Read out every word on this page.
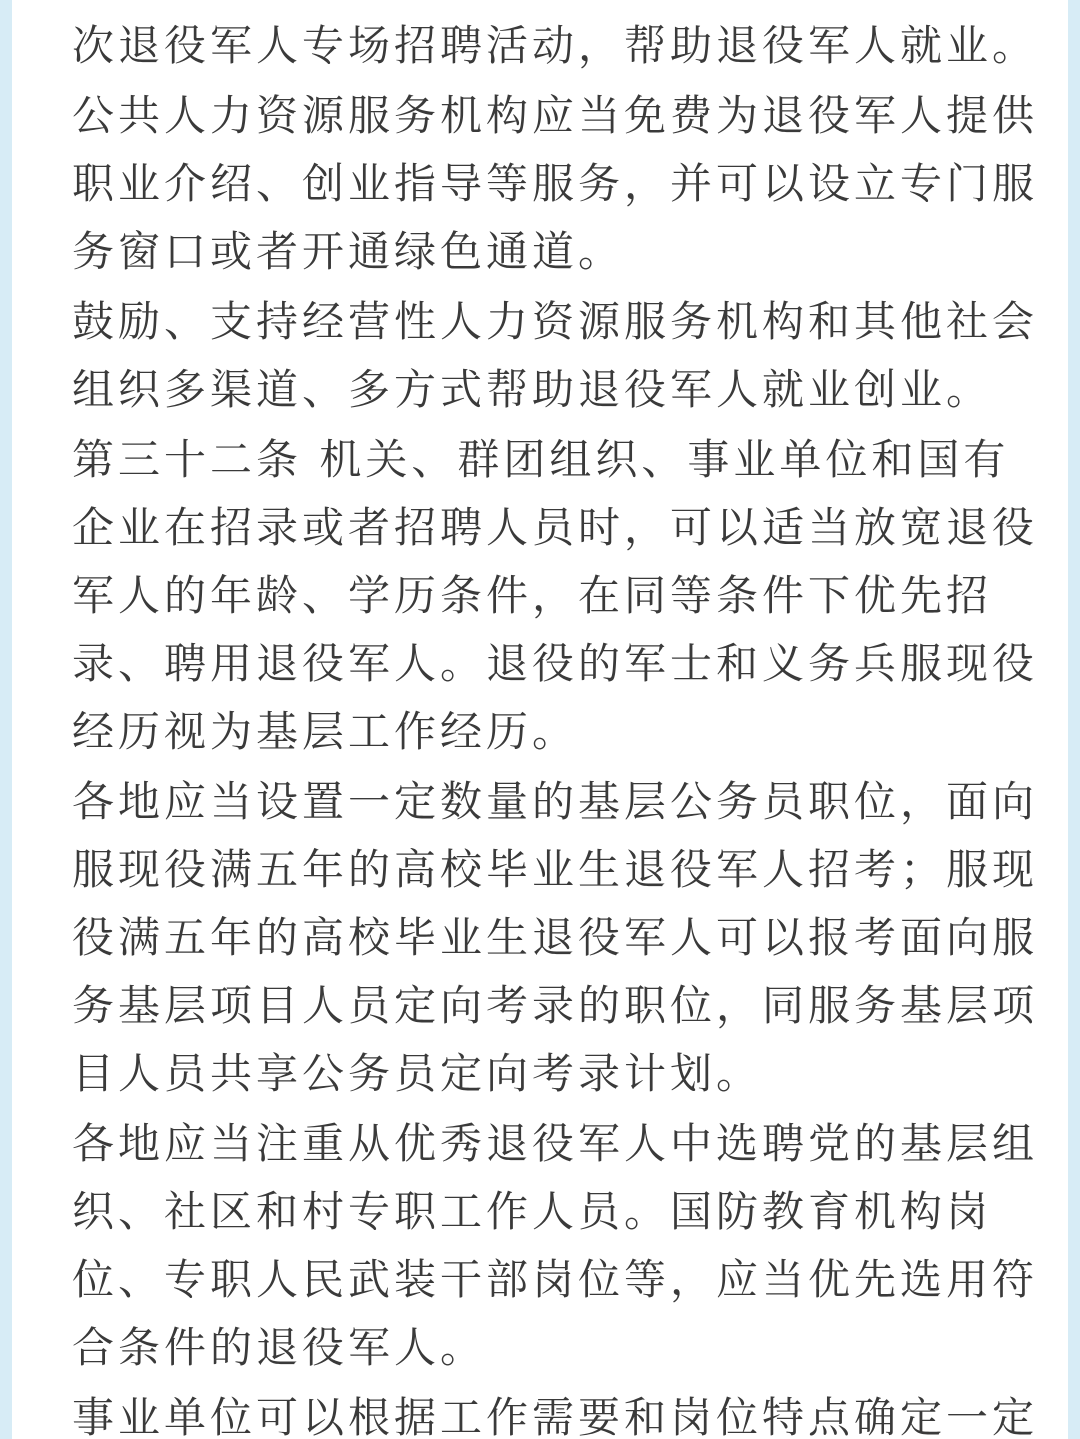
次退役军人专场招聘活动，帮助退役军人就业。
公共人力资源服务机构应当免费为退役军人提供
职业介绍、创业指导等服务，并可以设立专门服
务窗口或者开通绿色通道。
鼓励、支持经营性人力资源服务机构和其他社会
组织多渠道、多方式帮助退役军人就业创业。
第三十二条 机关、群团组织、事业单位和国有
企业在招录或者招聘人员时，可以适当放宽退役
军人的年龄、学历条件，在同等条件下优先招
录、聘用退役军人。退役的军士和义务兵服现役
经历视为基层工作经历。
各地应当设置一定数量的基层公务员职位，面向
服现役满五年的高校毕业生退役军人招考；服现
役满五年的高校毕业生退役军人可以报考面向服
务基层项目人员定向考录的职位，同服务基层项
目人员共享公务员定向考录计划。
各地应当注重从优秀退役军人中选聘党的基层组
织、社区和村专职工作人员。国防教育机构岗
位、专职人民武装干部岗位等，应当优先选用符
合条件的退役军人。
事业单位可以根据工作需要和岗位特点确定一定
